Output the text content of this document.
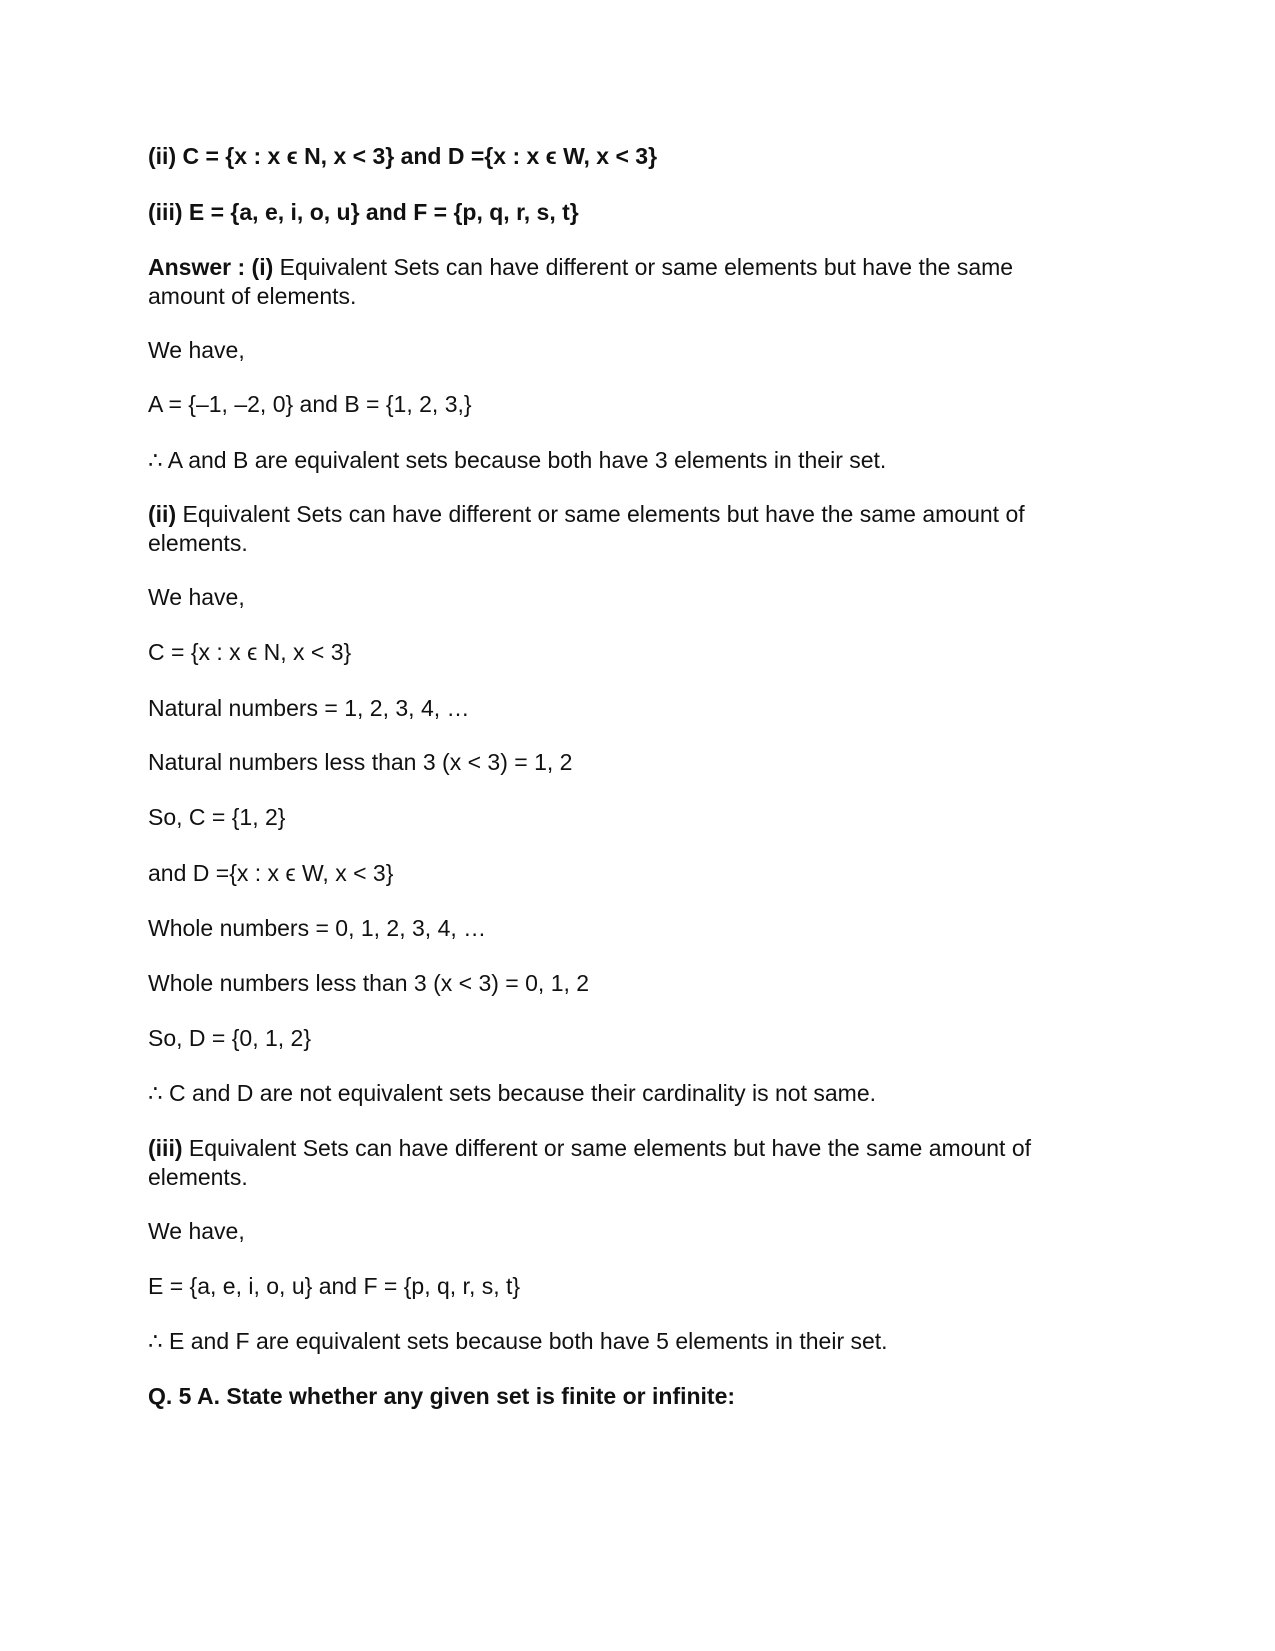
(ii) C = {x : x ϵ N, x < 3} and D ={x : x ϵ W, x < 3}
(iii) E = {a, e, i, o, u} and F = {p, q, r, s, t}
Answer : (i) Equivalent Sets can have different or same elements but have the same amount of elements.
We have,
A = {–1, –2, 0} and B = {1, 2, 3,}
∴ A and B are equivalent sets because both have 3 elements in their set.
(ii) Equivalent Sets can have different or same elements but have the same amount of elements.
We have,
C = {x : x ϵ N, x < 3}
Natural numbers = 1, 2, 3, 4, …
Natural numbers less than 3 (x < 3) = 1, 2
So, C = {1, 2}
and D ={x : x ϵ W, x < 3}
Whole numbers = 0, 1, 2, 3, 4, …
Whole numbers less than 3 (x < 3) = 0, 1, 2
So, D = {0, 1, 2}
∴ C and D are not equivalent sets because their cardinality is not same.
(iii) Equivalent Sets can have different or same elements but have the same amount of elements.
We have,
E = {a, e, i, o, u} and F = {p, q, r, s, t}
∴ E and F are equivalent sets because both have 5 elements in their set.
Q. 5 A. State whether any given set is finite or infinite:
